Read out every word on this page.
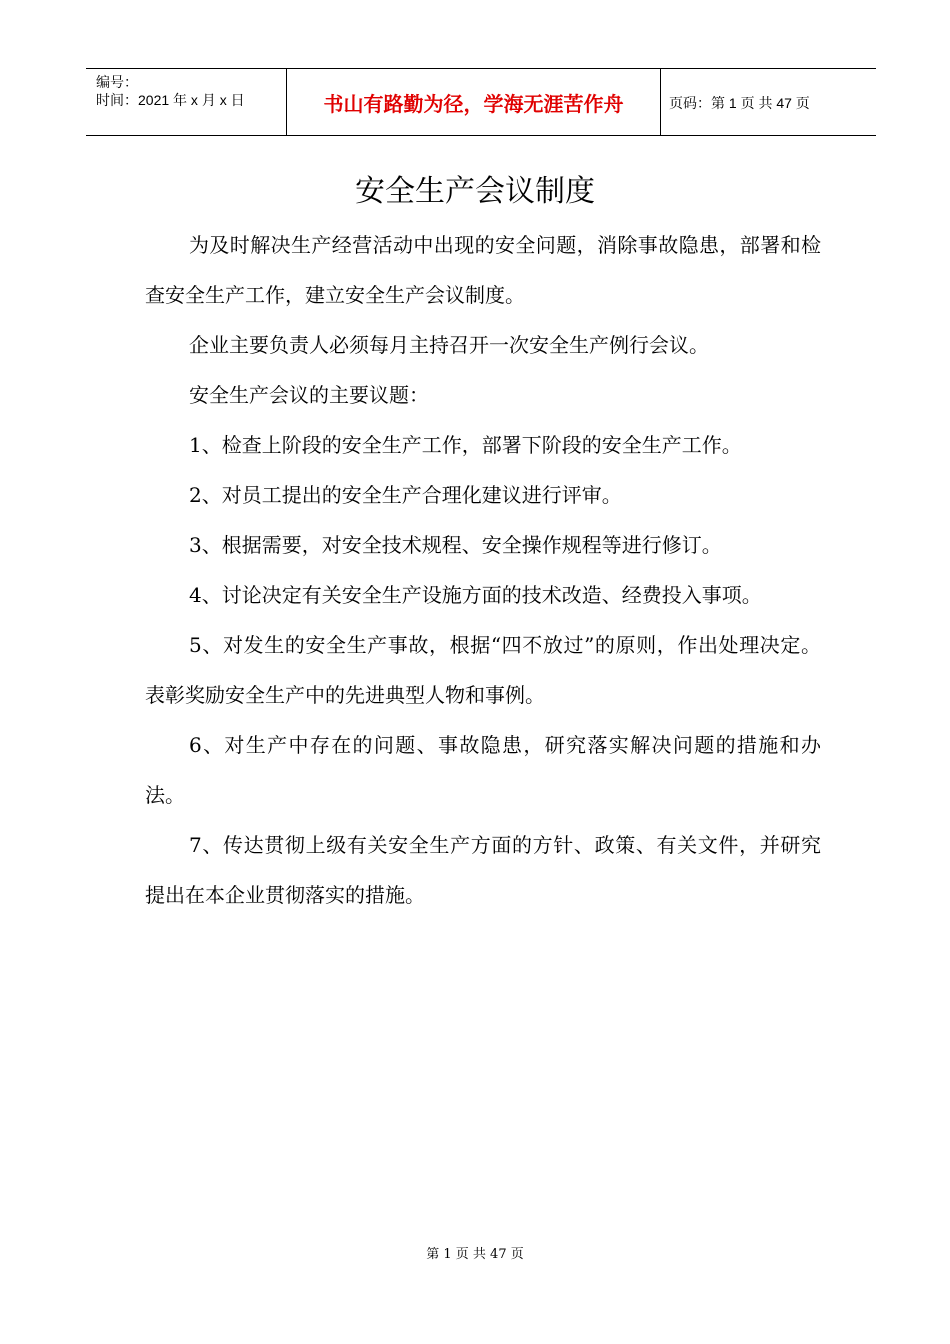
编号：
时间：2021 年 x 月 x 日	书山有路勤为径，学海无涯苦作舟	页码：第 1 页 共 47 页
安全生产会议制度
为及时解决生产经营活动中出现的安全问题，消除事故隐患，部署和检查安全生产工作，建立安全生产会议制度。
企业主要负责人必须每月主持召开一次安全生产例行会议。
安全生产会议的主要议题：
1、检查上阶段的安全生产工作，部署下阶段的安全生产工作。
2、对员工提出的安全生产合理化建议进行评审。
3、根据需要，对安全技术规程、安全操作规程等进行修订。
4、讨论决定有关安全生产设施方面的技术改造、经费投入事项。
5、对发生的安全生产事故，根据“四不放过”的原则，作出处理决定。表彰奖励安全生产中的先进典型人物和事例。
6、对生产中存在的问题、事故隐患，研究落实解决问题的措施和办法。
7、传达贯彻上级有关安全生产方面的方针、政策、有关文件，并研究提出在本企业贯彻落实的措施。
第 1 页 共 47 页
